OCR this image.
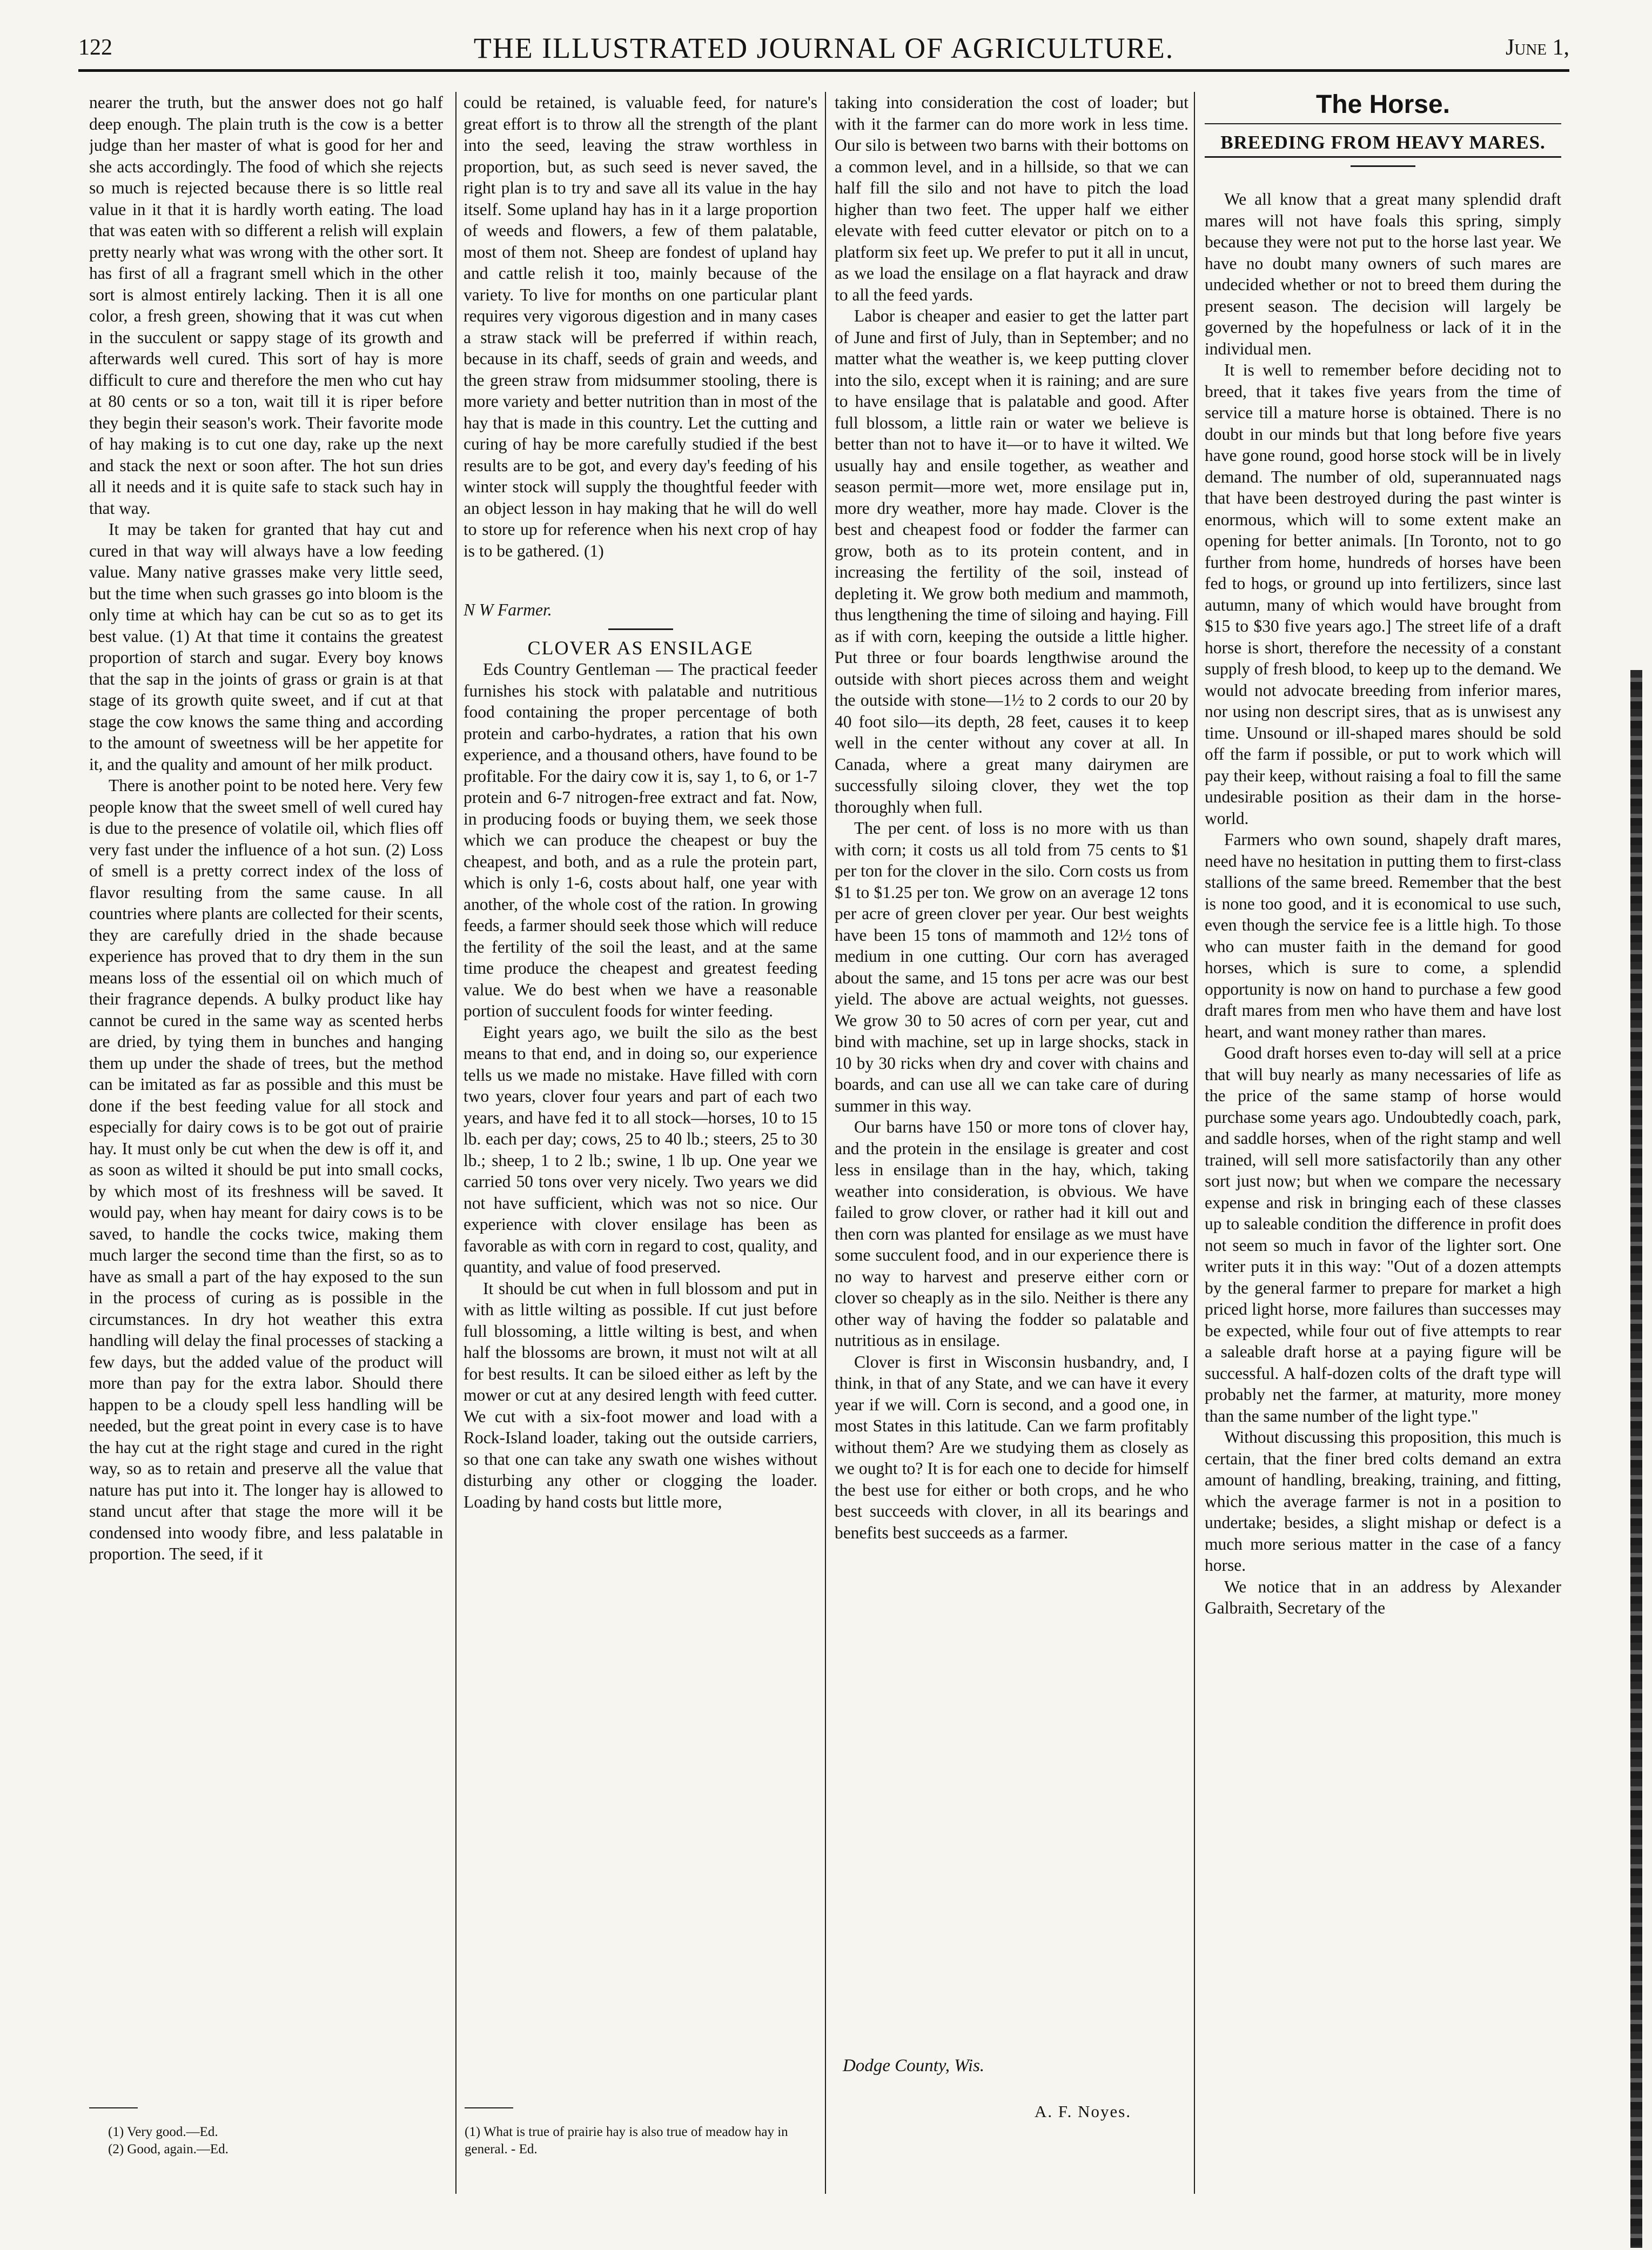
122	THE ILLUSTRATED JOURNAL OF AGRICULTURE.	June 1,

nearer the truth, but the answer does not go half deep enough. The plain truth is the cow is a better judge than her master of what is good for her and she acts accordingly. The food of which she rejects so much is rejected because there is so little real value in it that it is hardly worth eating. The load that was eaten with so different a relish will explain pretty nearly what was wrong with the other sort. It has first of all a fragrant smell which in the other sort is almost entirely lacking. Then it is all one color, a fresh green, showing that it was cut when in the succulent or sappy stage of its growth and afterwards well cured. This sort of hay is more difficult to cure and therefore the men who cut hay at 80 cents or so a ton, wait till it is riper before they begin their season's work. Their favorite mode of hay making is to cut one day, rake up the next and stack the next or soon after. The hot sun dries all it needs and it is quite safe to stack such hay in that way.

It may be taken for granted that hay cut and cured in that way will always have a low feeding value. Many native grasses make very little seed, but the time when such grasses go into bloom is the only time at which hay can be cut so as to get its best value. (1) At that time it contains the greatest proportion of starch and sugar. Every boy knows that the sap in the joints of grass or grain is at that stage of its growth quite sweet, and if cut at that stage the cow knows the same thing and according to the amount of sweetness will be her appetite for it, and the quality and amount of her milk product.

There is another point to be noted here. Very few people know that the sweet smell of well cured hay is due to the presence of volatile oil, which flies off very fast under the influence of a hot sun. (2) Loss of smell is a pretty correct index of the loss of flavor resulting from the same cause. In all countries where plants are collected for their scents, they are carefully dried in the shade because experience has proved that to dry them in the sun means loss of the essential oil on which much of their fragrance depends. A bulky product like hay cannot be cured in the same way as scented herbs are dried, by tying them in bunches and hanging them up under the shade of trees, but the method can be imitated as far as possible and this must be done if the best feeding value for all stock and especially for dairy cows is to be got out of prairie hay. It must only be cut when the dew is off it, and as soon as wilted it should be put into small cocks, by which most of its freshness will be saved. It would pay, when hay meant for dairy cows is to be saved, to handle the cocks twice, making them much larger the second time than the first, so as to have as small a part of the hay exposed to the sun in the process of curing as is possible in the circumstances. In dry hot weather this extra handling will delay the final processes of stacking a few days, but the added value of the product will more than pay for the extra labor. Should there happen to be a cloudy spell less handling will be needed, but the great point in every case is to have the hay cut at the right stage and cured in the right way, so as to retain and preserve all the value that nature has put into it. The longer hay is allowed to stand uncut after that stage the more will it be condensed into woody fibre, and less palatable in proportion. The seed, if it

(1) Very good.—Ed.
(2) Good, again.—Ed.

could be retained, is valuable feed, for nature's great effort is to throw all the strength of the plant into the seed, leaving the straw worthless in proportion, but, as such seed is never saved, the right plan is to try and save all its value in the hay itself. Some upland hay has in it a large proportion of weeds and flowers, a few of them palatable, most of them not. Sheep are fondest of upland hay and cattle relish it too, mainly because of the variety. To live for months on one particular plant requires very vigorous digestion and in many cases a straw stack will be preferred if within reach, because in its chaff, seeds of grain and weeds, and the green straw from midsummer stooling, there is more variety and better nutrition than in most of the hay that is made in this country. Let the cutting and curing of hay be more carefully studied if the best results are to be got, and every day's feeding of his winter stock will supply the thoughtful feeder with an object lesson in hay making that he will do well to store up for reference when his next crop of hay is to be gathered. (1)

N W Farmer.

CLOVER AS ENSILAGE

Eds Country Gentleman — The practical feeder furnishes his stock with palatable and nutritious food containing the proper percentage of both protein and carbo-hydrates, a ration that his own experience, and a thousand others, have found to be profitable. For the dairy cow it is, say 1, to 6, or 1-7 protein and 6-7 nitrogen-free extract and fat. Now, in producing foods or buying them, we seek those which we can produce the cheapest or buy the cheapest, and both, and as a rule the protein part, which is only 1-6, costs about half, one year with another, of the whole cost of the ration. In growing feeds, a farmer should seek those which will reduce the fertility of the soil the least, and at the same time produce the cheapest and greatest feeding value. We do best when we have a reasonable portion of succulent foods for winter feeding.

Eight years ago, we built the silo as the best means to that end, and in doing so, our experience tells us we made no mistake. Have filled with corn two years, clover four years and part of each two years, and have fed it to all stock—horses, 10 to 15 lb. each per day; cows, 25 to 40 lb.; steers, 25 to 30 lb.; sheep, 1 to 2 lb.; swine, 1 lb up. One year we carried 50 tons over very nicely. Two years we did not have sufficient, which was not so nice. Our experience with clover ensilage has been as favorable as with corn in regard to cost, quality, and quantity, and value of food preserved.

It should be cut when in full blossom and put in with as little wilting as possible. If cut just before full blossoming, a little wilting is best, and when half the blossoms are brown, it must not wilt at all for best results. It can be siloed either as left by the mower or cut at any desired length with feed cutter. We cut with a six-foot mower and load with a Rock-Island loader, taking out the outside carriers, so that one can take any swath one wishes without disturbing any other or clogging the loader. Loading by hand costs but little more,

(1) What is true of prairie hay is also true of meadow hay in general. - Ed.

taking into consideration the cost of loader; but with it the farmer can do more work in less time. Our silo is between two barns with their bottoms on a common level, and in a hillside, so that we can half fill the silo and not have to pitch the load higher than two feet. The upper half we either elevate with feed cutter elevator or pitch on to a platform six feet up. We prefer to put it all in uncut, as we load the ensilage on a flat hayrack and draw to all the feed yards.

Labor is cheaper and easier to get the latter part of June and first of July, than in September; and no matter what the weather is, we keep putting clover into the silo, except when it is raining; and are sure to have ensilage that is palatable and good. After full blossom, a little rain or water we believe is better than not to have it—or to have it wilted. We usually hay and ensile together, as weather and season permit—more wet, more ensilage put in, more dry weather, more hay made. Clover is the best and cheapest food or fodder the farmer can grow, both as to its protein content, and in increasing the fertility of the soil, instead of depleting it. We grow both medium and mammoth, thus lengthening the time of siloing and haying. Fill as if with corn, keeping the outside a little higher. Put three or four boards lengthwise around the outside with short pieces across them and weight the outside with stone—1½ to 2 cords to our 20 by 40 foot silo—its depth, 28 feet, causes it to keep well in the center without any cover at all. In Canada, where a great many dairymen are successfully siloing clover, they wet the top thoroughly when full.

The per cent. of loss is no more with us than with corn; it costs us all told from 75 cents to $1 per ton for the clover in the silo. Corn costs us from $1 to $1.25 per ton. We grow on an average 12 tons per acre of green clover per year. Our best weights have been 15 tons of mammoth and 12½ tons of medium in one cutting. Our corn has averaged about the same, and 15 tons per acre was our best yield. The above are actual weights, not guesses. We grow 30 to 50 acres of corn per year, cut and bind with machine, set up in large shocks, stack in 10 by 30 ricks when dry and cover with chains and boards, and can use all we can take care of during summer in this way.

Our barns have 150 or more tons of clover hay, and the protein in the ensilage is greater and cost less in ensilage than in the hay, which, taking weather into consideration, is obvious. We have failed to grow clover, or rather had it kill out and then corn was planted for ensilage as we must have some succulent food, and in our experience there is no way to harvest and preserve either corn or clover so cheaply as in the silo. Neither is there any other way of having the fodder so palatable and nutritious as in ensilage.

Clover is first in Wisconsin husbandry, and, I think, in that of any State, and we can have it every year if we will. Corn is second, and a good one, in most States in this latitude. Can we farm profitably without them? Are we studying them as closely as we ought to? It is for each one to decide for himself the best use for either or both crops, and he who best succeeds with clover, in all its bearings and benefits best succeeds as a farmer.

Dodge County, Wis.
A. F. Noyes.
The Horse.

BREEDING FROM HEAVY MARES.

We all know that a great many splendid draft mares will not have foals this spring, simply because they were not put to the horse last year. We have no doubt many owners of such mares are undecided whether or not to breed them during the present season. The decision will largely be governed by the hopefulness or lack of it in the individual men.

It is well to remember before deciding not to breed, that it takes five years from the time of service till a mature horse is obtained. There is no doubt in our minds but that long before five years have gone round, good horse stock will be in lively demand. The number of old, superannuated nags that have been destroyed during the past winter is enormous, which will to some extent make an opening for better animals. [In Toronto, not to go further from home, hundreds of horses have been fed to hogs, or ground up into fertilizers, since last autumn, many of which would have brought from $15 to $30 five years ago.] The street life of a draft horse is short, therefore the necessity of a constant supply of fresh blood, to keep up to the demand. We would not advocate breeding from inferior mares, nor using non descript sires, that as is unwisest any time. Unsound or ill-shaped mares should be sold off the farm if possible, or put to work which will pay their keep, without raising a foal to fill the same undesirable position as their dam in the horse-world.

Farmers who own sound, shapely draft mares, need have no hesitation in putting them to first-class stallions of the same breed. Remember that the best is none too good, and it is economical to use such, even though the service fee is a little high. To those who can muster faith in the demand for good horses, which is sure to come, a splendid opportunity is now on hand to purchase a few good draft mares from men who have them and have lost heart, and want money rather than mares.

Good draft horses even to-day will sell at a price that will buy nearly as many necessaries of life as the price of the same stamp of horse would purchase some years ago. Undoubtedly coach, park, and saddle horses, when of the right stamp and well trained, will sell more satisfactorily than any other sort just now; but when we compare the necessary expense and risk in bringing each of these classes up to saleable condition the difference in profit does not seem so much in favor of the lighter sort. One writer puts it in this way: "Out of a dozen attempts by the general farmer to prepare for market a high priced light horse, more failures than successes may be expected, while four out of five attempts to rear a saleable draft horse at a paying figure will be successful. A half-dozen colts of the draft type will probably net the farmer, at maturity, more money than the same number of the light type."

Without discussing this proposition, this much is certain, that the finer bred colts demand an extra amount of handling, breaking, training, and fitting, which the average farmer is not in a position to undertake; besides, a slight mishap or defect is a much more serious matter in the case of a fancy horse.

We notice that in an address by Alexander Galbraith, Secretary of the
